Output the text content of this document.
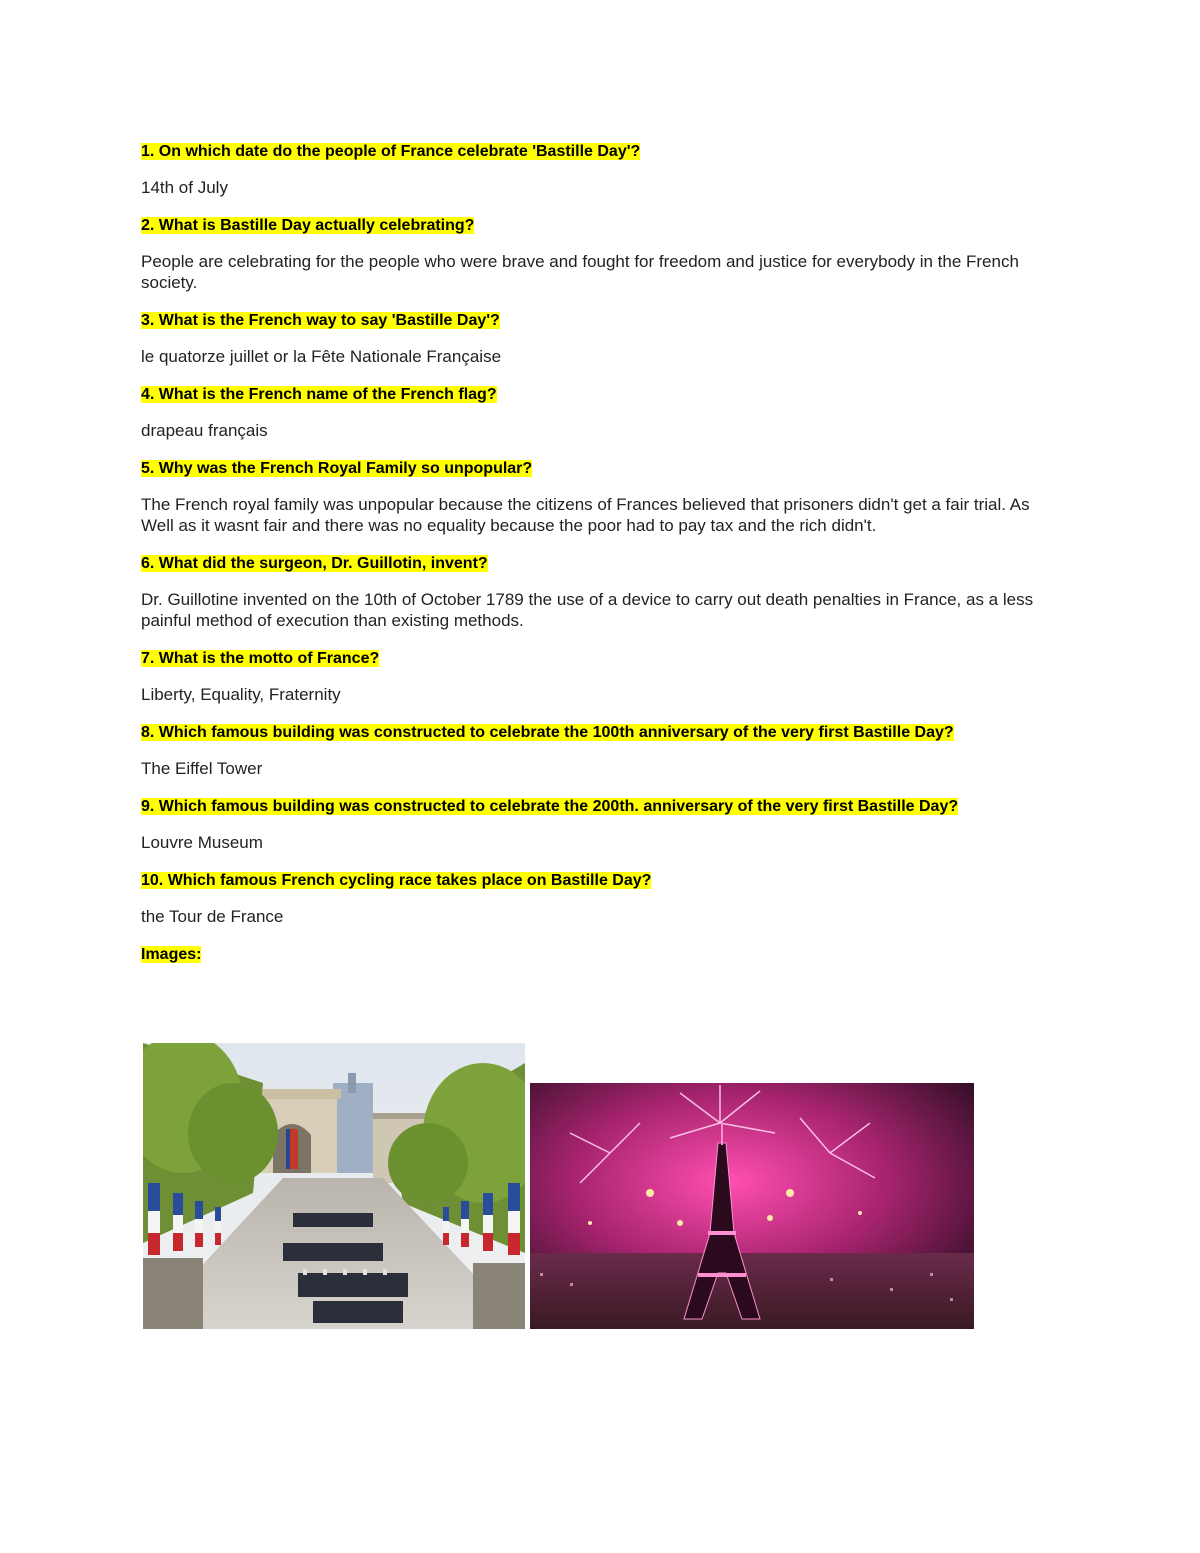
1. On which date do the people of France celebrate 'Bastille Day'?
14th of July
2. What is Bastille Day actually celebrating?
People are celebrating for the people who were brave and fought for freedom and justice for everybody in the French society.
3. What is the French way to say 'Bastille Day'?
le quatorze juillet or la Fête Nationale Française
4. What is the French name of the French flag?
drapeau français
5. Why was the French Royal Family so unpopular?
The French royal family was unpopular because the citizens of Frances believed that prisoners didn't get a fair trial. As Well as it wasnt fair and there was no equality because the poor had to pay tax and the rich didn't.
6. What did the surgeon, Dr. Guillotin, invent?
Dr. Guillotine invented on the 10th of October 1789 the use of a device to carry out death penalties in France, as a less painful method of execution than existing methods.
7. What is the motto of France?
Liberty, Equality, Fraternity
8. Which famous building was constructed to celebrate the 100th anniversary of the very first Bastille Day?
The Eiffel Tower
9. Which famous building was constructed to celebrate the 200th. anniversary of the very first Bastille Day?
Louvre Museum
10. Which famous French cycling race takes place on Bastille Day?
the Tour de France
Images:
